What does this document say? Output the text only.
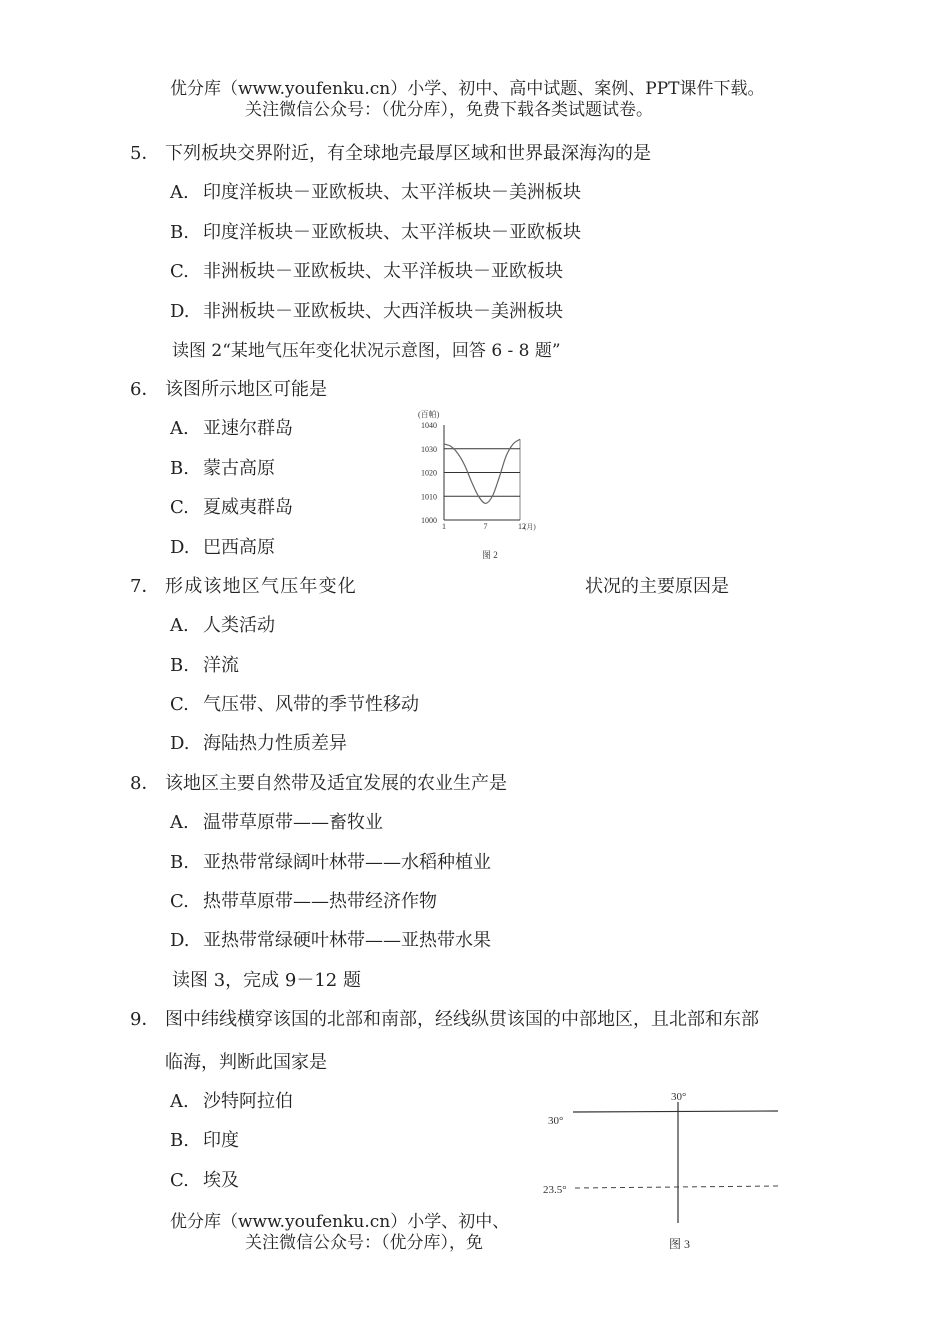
优分库（www.youfenku.cn）小学、初中、高中试题、案例、PPT课件下载。
关注微信公众号：（优分库），免费下载各类试题试卷。
5． 下列板块交界附近，有全球地壳最厚区域和世界最深海沟的是
A. 印度洋板块－亚欧板块、太平洋板块－美洲板块
B. 印度洋板块－亚欧板块、太平洋板块－亚欧板块
C. 非洲板块－亚欧板块、太平洋板块－亚欧板块
D. 非洲板块－亚欧板块、大西洋板块－美洲板块
读图 2“某地气压年变化状况示意图，回答 6 - 8 题”
6． 该图所示地区可能是
A. 亚速尔群岛
B. 蒙古高原
C. 夏威夷群岛
D. 巴西高原
(百帕)
1040
1030
1020
1010
1000
1	7	12
(月)
图 2
7． 形成该地区气压年变化	状况的主要原因是
A. 人类活动
B. 洋流
C. 气压带、风带的季节性移动
D. 海陆热力性质差异
8． 该地区主要自然带及适宜发展的农业生产是
A. 温带草原带——畜牧业
B. 亚热带常绿阔叶林带——水稻种植业
C. 热带草原带——热带经济作物
D. 亚热带常绿硬叶林带——亚热带水果
读图 3，完成 9－12 题
9． 图中纬线横穿该国的北部和南部，经线纵贯该国的中部地区，且北部和东部
临海，判断此国家是
A. 沙特阿拉伯
B. 印度
C. 埃及
优分库（www.youfenku.cn）小学、初中、
关注微信公众号：（优分库），免
30°
30°
23.5°
图 3
